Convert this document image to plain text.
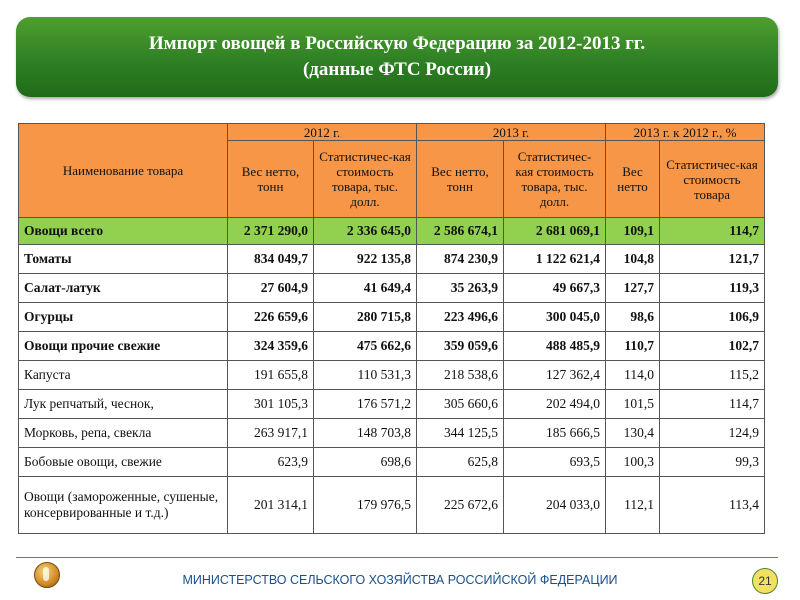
Импорт овощей в Российскую Федерацию за 2012-2013 гг.
(данные ФТС России)
Наименование товара	2012 г.		2013 г.		2013 г. к 2012 г., %	
	Вес нетто, тонн	Статистичес-кая стоимость товара, тыс. долл.	Вес нетто, тонн	Статистичес-кая стоимость товара, тыс. долл.	Вес нетто	Статистичес-кая стоимость товара
Овощи всего	2 371 290,0	2 336 645,0	2 586 674,1	2 681 069,1	109,1	114,7
Томаты	834 049,7	922 135,8	874 230,9	1 122 621,4	104,8	121,7
Салат-латук	27 604,9	41 649,4	35 263,9	49 667,3	127,7	119,3
Огурцы	226 659,6	280 715,8	223 496,6	300 045,0	98,6	106,9
Овощи прочие свежие	324 359,6	475 662,6	359 059,6	488 485,9	110,7	102,7
Капуста	191 655,8	110 531,3	218 538,6	127 362,4	114,0	115,2
Лук репчатый, чеснок,	301 105,3	176 571,2	305 660,6	202 494,0	101,5	114,7
Морковь, репа, свекла	263 917,1	148 703,8	344 125,5	185 666,5	130,4	124,9
Бобовые овощи, свежие	623,9	698,6	625,8	693,5	100,3	99,3
Овощи (замороженные, сушеные, консервированные и т.д.)	201 314,1	179 976,5	225 672,6	204 033,0	112,1	113,4
МИНИСТЕРСТВО СЕЛЬСКОГО ХОЗЯЙСТВА РОССИЙСКОЙ ФЕДЕРАЦИИ	21
